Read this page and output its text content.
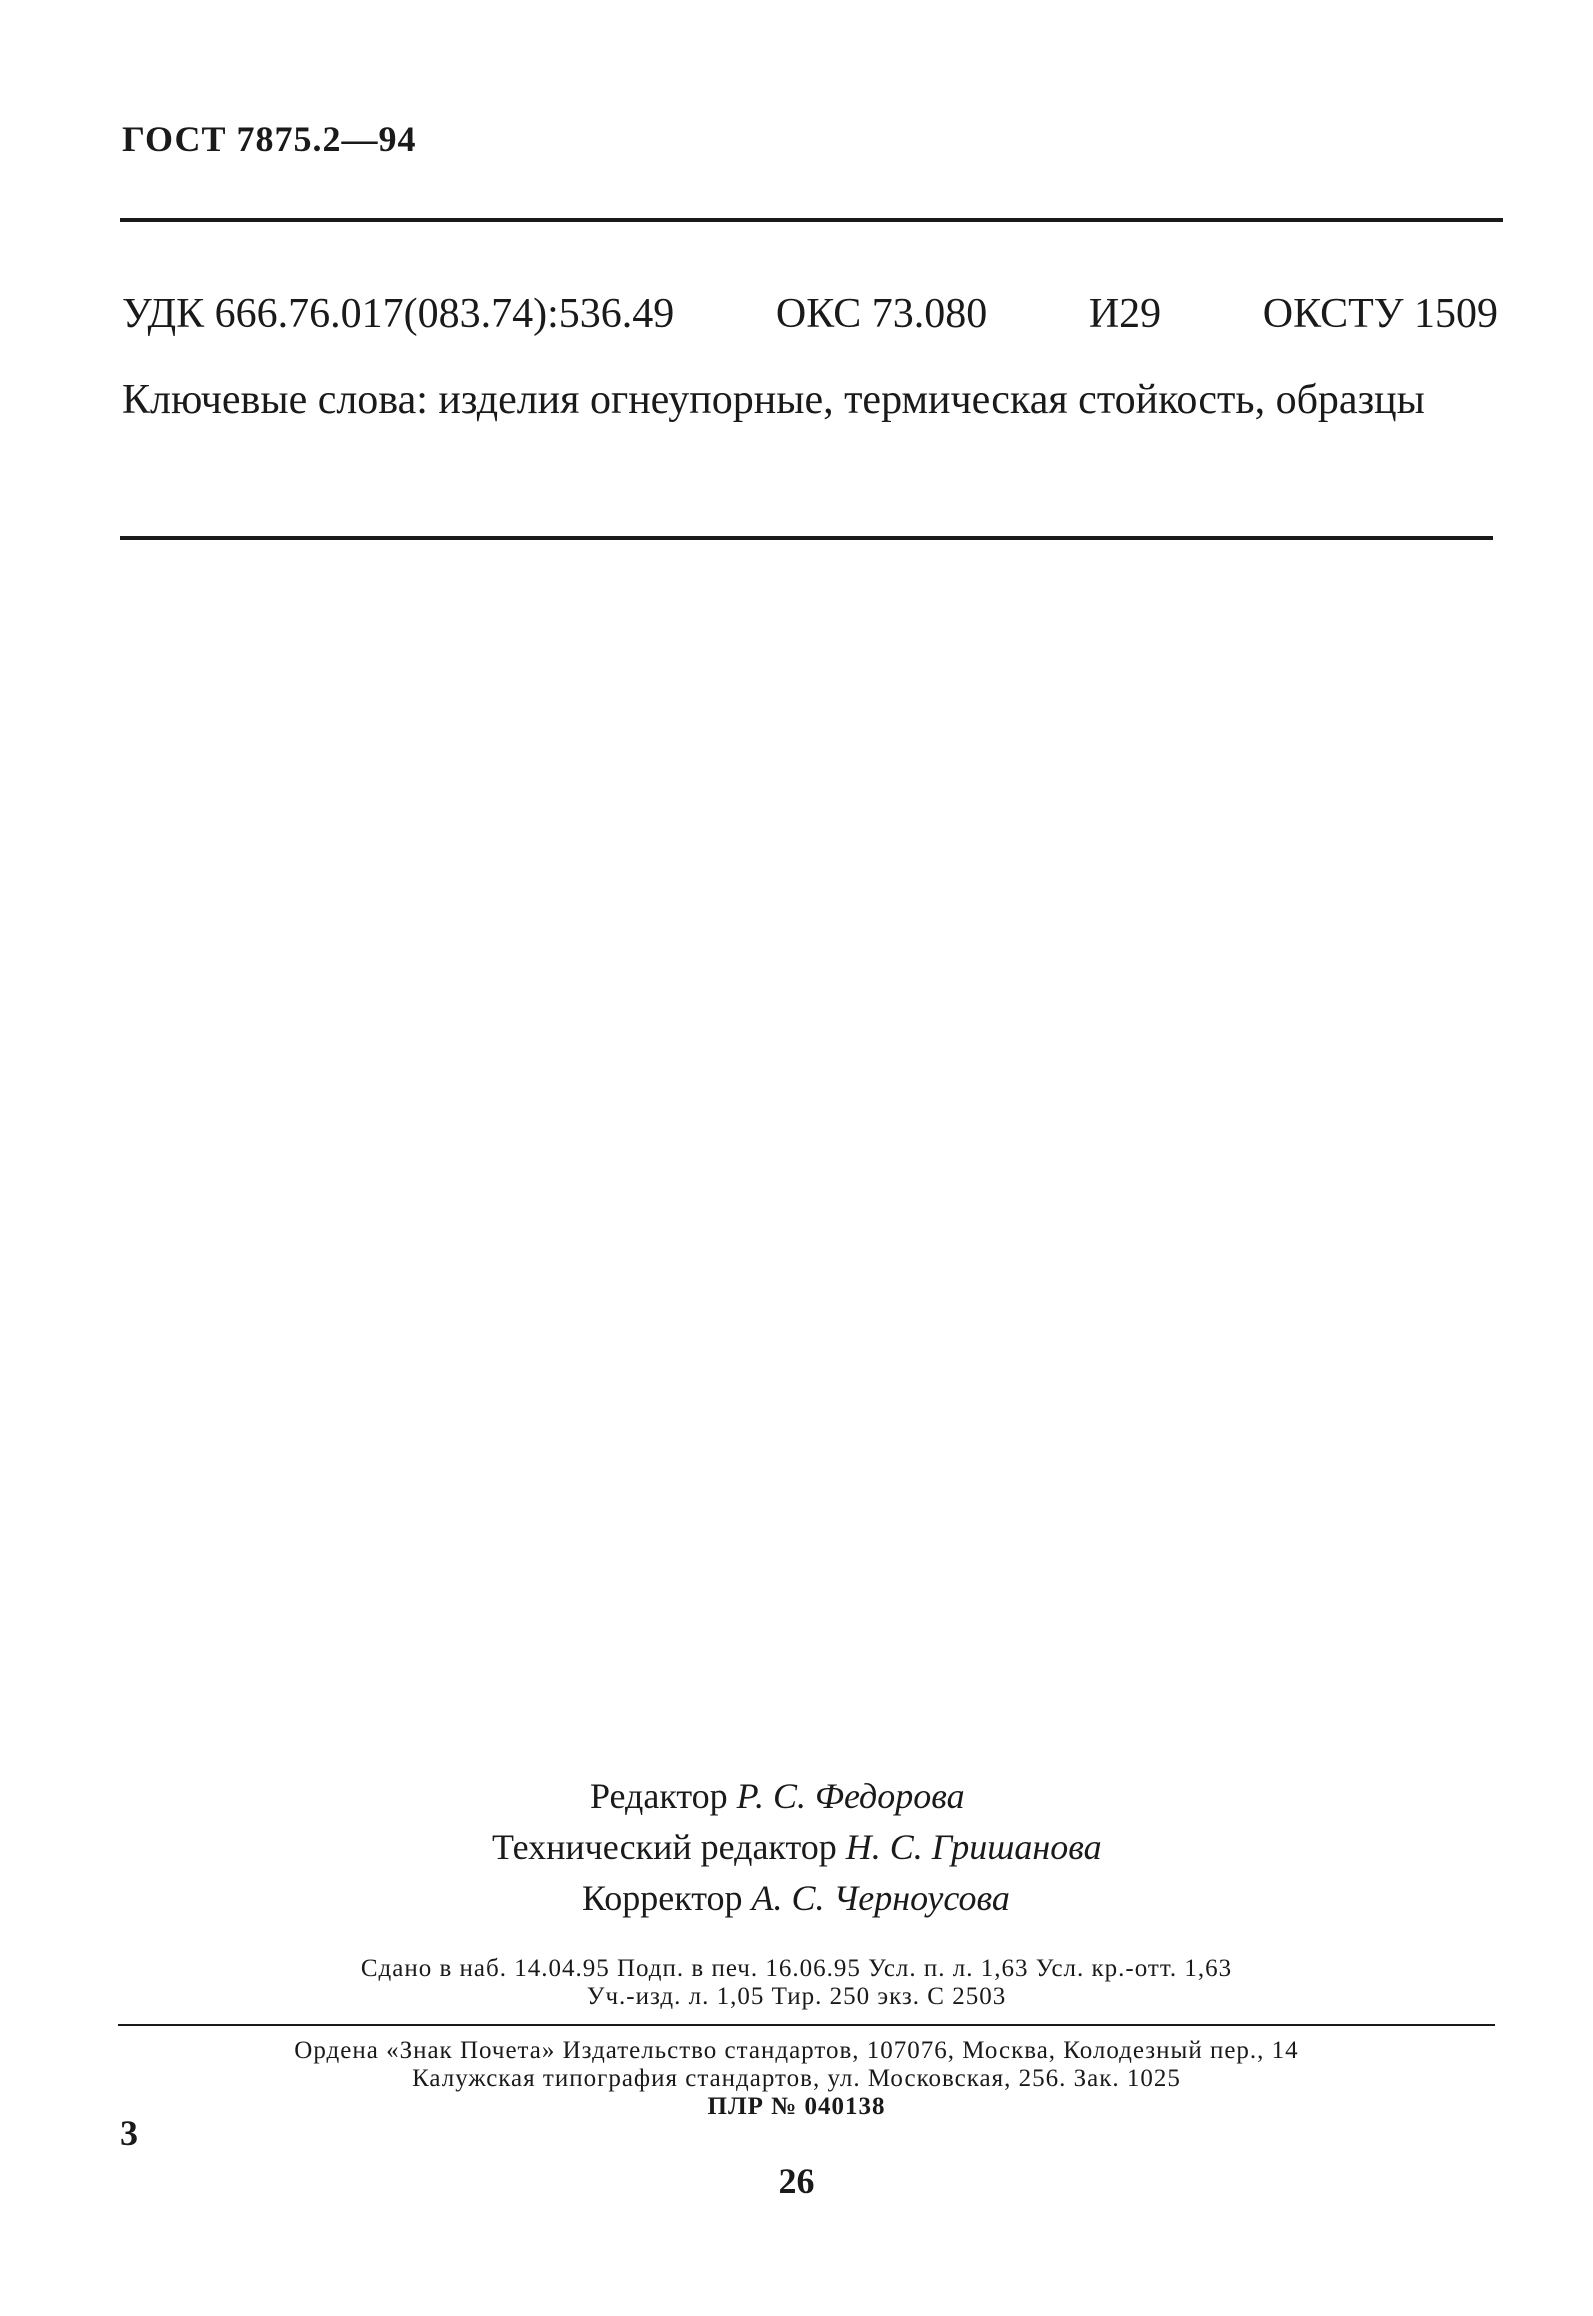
ГОСТ 7875.2—94
УДК 666.76.017(083.74):536.49 ОКС 73.080 И29 ОКСТУ 1509
Ключевые слова: изделия огнеупорные, термическая стойкость, образцы
Редактор Р. С. Федорова
Технический редактор Н. С. Гришанова
Корректор А. С. Черноусова
Сдано в наб. 14.04.95 Подп. в печ. 16.06.95 Усл. п. л. 1,63 Усл. кр.-отт. 1,63
Уч.-изд. л. 1,05 Тир. 250 экз. С 2503
Ордена «Знак Почета» Издательство стандартов, 107076, Москва, Колодезный пер., 14
Калужская типография стандартов, ул. Московская, 256. Зак. 1025
ПЛР № 040138
3
26
